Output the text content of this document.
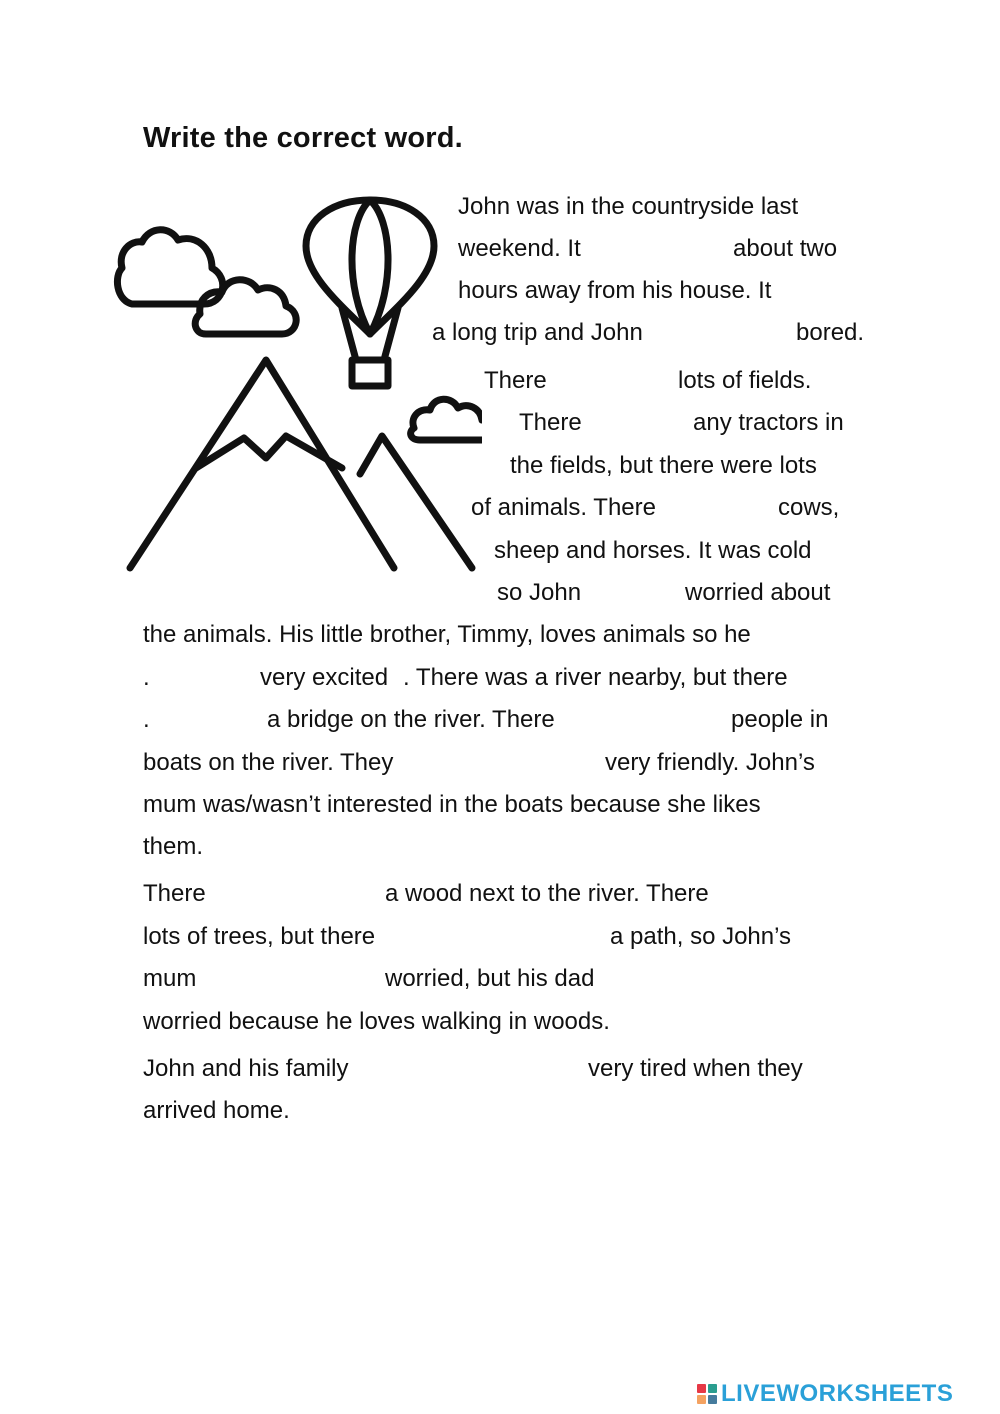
Write the correct word.
John was in the countryside last
weekend. It	about two
hours away from his house. It
a long trip and John	bored.
There	lots of fields.
There	any tractors in
the fields, but there were lots
of animals. There	cows,
sheep and horses. It was cold
so John	worried about
the animals. His little brother, Timmy, loves animals so he
.	very excited . There was a river nearby, but there
.	a bridge on the river. There	people in
boats on the river. They	very friendly. John’s
mum was/wasn’t interested in the boats because she likes
them.
There	a wood next to the river. There
lots of trees, but there	a path, so John’s
mum	worried, but his dad
worried because he loves walking in woods.
John and his family	very tired when they
arrived home.
LIVEWORKSHEETS
